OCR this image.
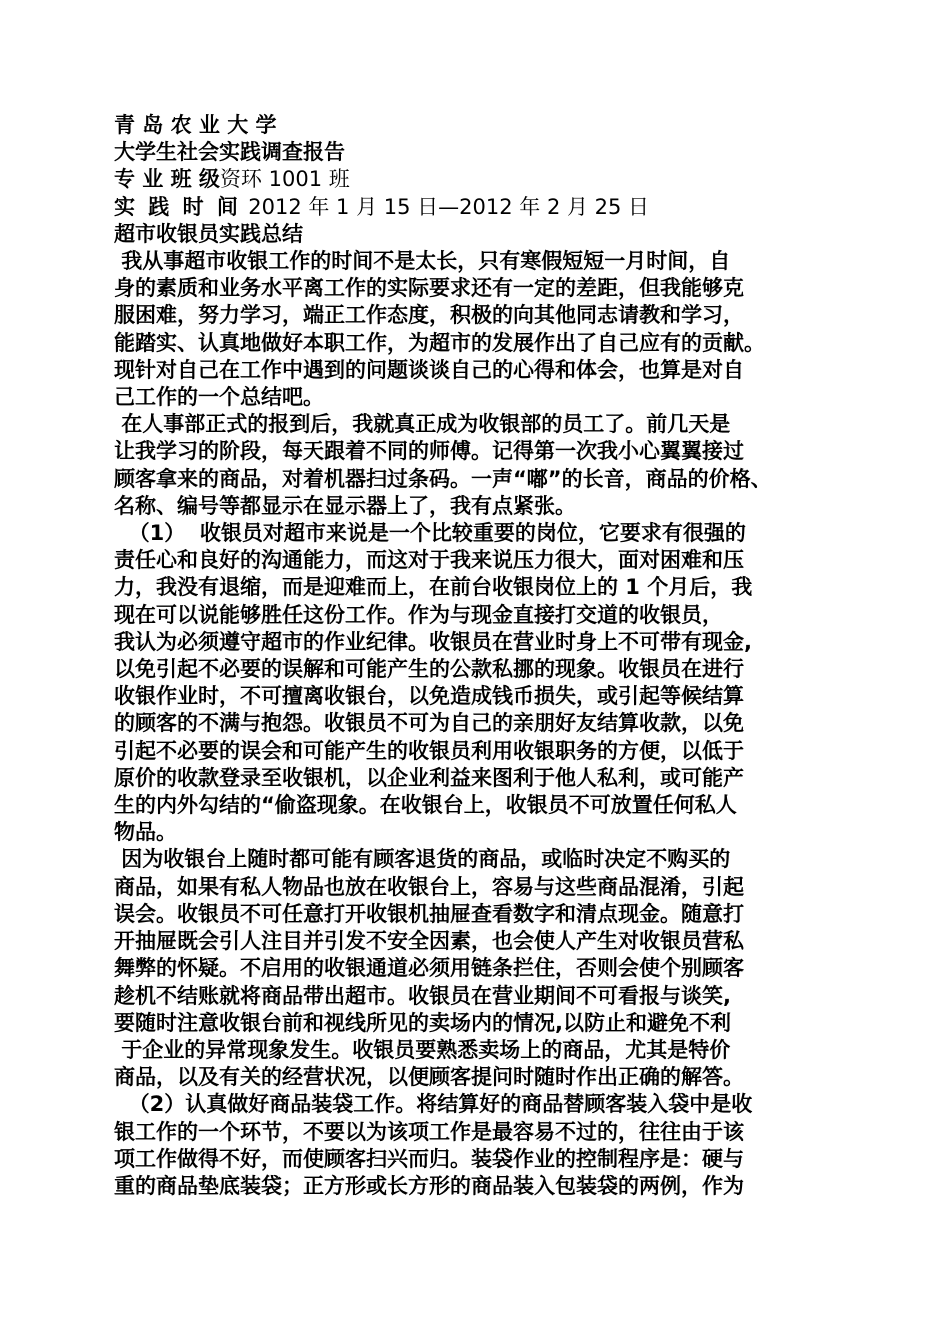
青 岛 农 业 大 学
大学生社会实践调查报告
专 业 班 级资环 1001 班
实 践 时 间 2012 年 1 月 15 日—2012 年 2 月 25 日
超市收银员实践总结
我从事超市收银工作的时间不是太长，只有寒假短短一月时间，自
身的素质和业务水平离工作的实际要求还有一定的差距，但我能够克
服困难，努力学习，端正工作态度，积极的向其他同志请教和学习，
能踏实、认真地做好本职工作，为超市的发展作出了自己应有的贡献。
现针对自己在工作中遇到的问题谈谈自己的心得和体会，也算是对自
己工作的一个总结吧。
在人事部正式的报到后，我就真正成为收银部的员工了。前几天是
让我学习的阶段，每天跟着不同的师傅。记得第一次我小心翼翼接过
顾客拿来的商品，对着机器扫过条码。一声“嘟”的长音，商品的价格、
名称、编号等都显示在显示器上了，我有点紧张。
（1）  收银员对超市来说是一个比较重要的岗位，它要求有很强的
责任心和良好的沟通能力，而这对于我来说压力很大，面对困难和压
力，我没有退缩，而是迎难而上，在前台收银岗位上的 1 个月后，我
现在可以说能够胜任这份工作。作为与现金直接打交道的收银员，
我认为必须遵守超市的作业纪律。收银员在营业时身上不可带有现金,
以免引起不必要的误解和可能产生的公款私挪的现象。收银员在进行
收银作业时，不可擅离收银台，以免造成钱币损失，或引起等候结算
的顾客的不满与抱怨。收银员不可为自己的亲朋好友结算收款，以免
引起不必要的误会和可能产生的收银员利用收银职务的方便，以低于
原价的收款登录至收银机，以企业利益来图利于他人私利，或可能产
生的内外勾结的“偷盗现象。在收银台上，收银员不可放置任何私人
物品。
因为收银台上随时都可能有顾客退货的商品，或临时决定不购买的
商品，如果有私人物品也放在收银台上，容易与这些商品混淆，引起
误会。收银员不可任意打开收银机抽屉查看数字和清点现金。随意打
开抽屉既会引人注目并引发不安全因素，也会使人产生对收银员营私
舞弊的怀疑。不启用的收银通道必须用链条拦住，否则会使个别顾客
趁机不结账就将商品带出超市。收银员在营业期间不可看报与谈笑,
要随时注意收银台前和视线所见的卖场内的情况,以防止和避免不利
于企业的异常现象发生。收银员要熟悉卖场上的商品，尤其是特价
商品，以及有关的经营状况，以便顾客提问时随时作出正确的解答。
（2）认真做好商品装袋工作。将结算好的商品替顾客装入袋中是收
银工作的一个环节，不要以为该项工作是最容易不过的，往往由于该
项工作做得不好，而使顾客扫兴而归。装袋作业的控制程序是：硬与
重的商品垫底装袋；正方形或长方形的商品装入包装袋的两例，作为
